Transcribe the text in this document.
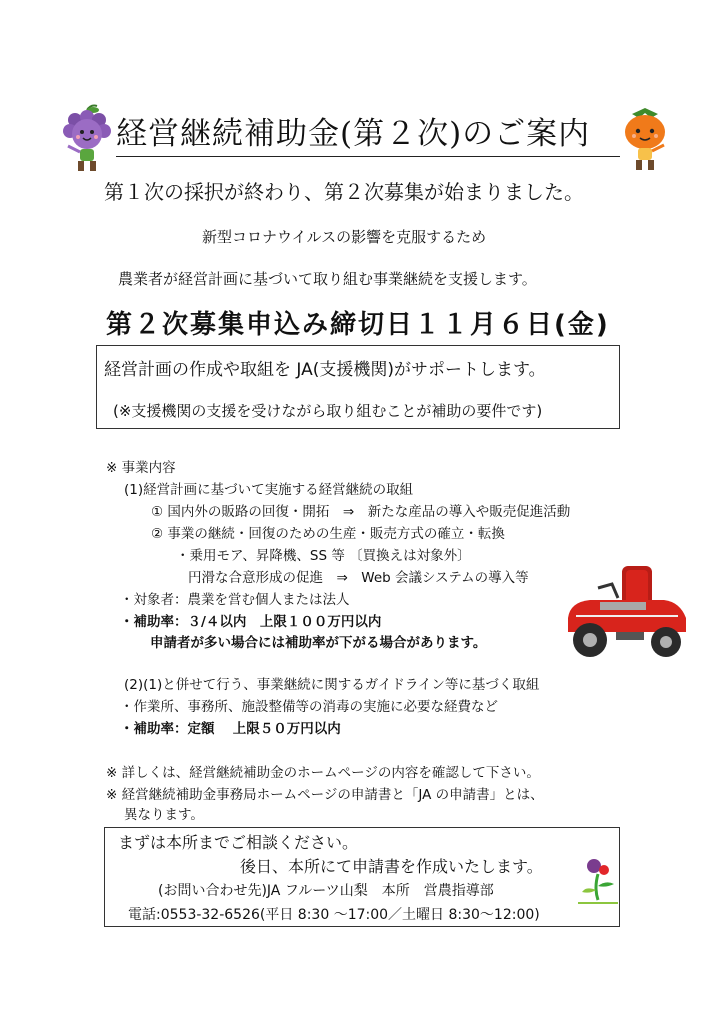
経営継続補助金(第２次)のご案内
第１次の採択が終わり、第２次募集が始まりました。
新型コロナウイルスの影響を克服するため
農業者が経営計画に基づいて取り組む事業継続を支援します。
第２次募集申込み締切日１１月６日(金)
経営計画の作成や取組を JA(支援機関)がサポートします。
(※支援機関の支援を受けながら取り組むことが補助の要件です)
※ 事業内容
(1)経営計画に基づいて実施する経営継続の取組
① 国内外の販路の回復・開拓　⇒　新たな産品の導入や販売促進活動
② 事業の継続・回復のための生産・販売方式の確立・転換
・乗用モア、昇降機、SS 等 〔買換えは対象外〕
円滑な合意形成の促進　⇒　Web 会議システムの導入等
・対象者：農業を営む個人または法人
・補助率：３/４以内　上限１００万円以内
申請者が多い場合には補助率が下がる場合があります。
(2)(1)と併せて行う、事業継続に関するガイドライン等に基づく取組
・作業所、事務所、施設整備等の消毒の実施に必要な経費など
・補助率：定額　 上限５０万円以内
※ 詳しくは、経営継続補助金のホームページの内容を確認して下さい。
※ 経営継続補助金事務局ホームページの申請書と「JA の申請書」とは、
異なります。
まずは本所までご相談ください。
後日、本所にて申請書を作成いたします。
(お問い合わせ先)JA フルーツ山梨　本所　営農指導部
電話:0553-32-6526(平日 8:30 ～17:00／土曜日 8:30～12:00)
